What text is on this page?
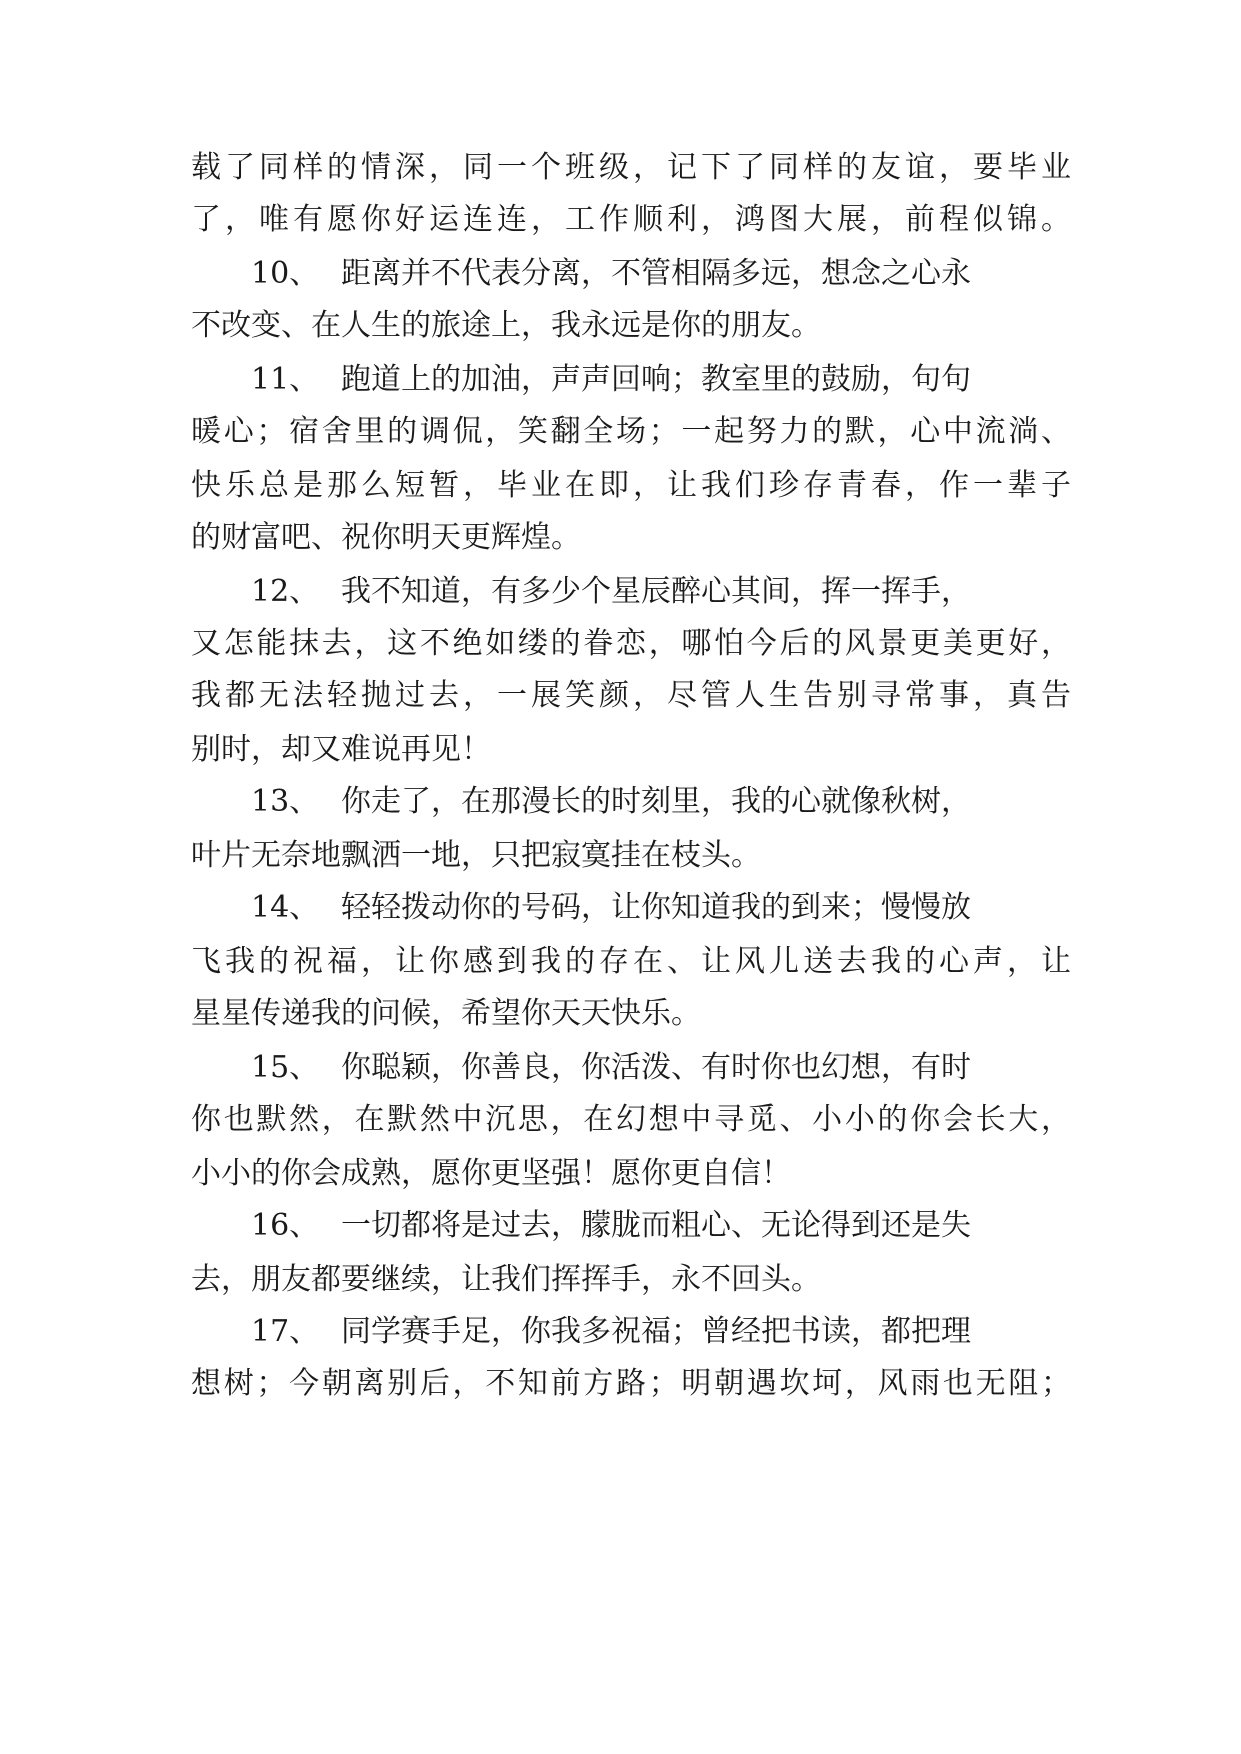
载了同样的情深，同一个班级，记下了同样的友谊，要毕业
了，唯有愿你好运连连，工作顺利，鸿图大展，前程似锦。
10、 距离并不代表分离，不管相隔多远，想念之心永
不改变、在人生的旅途上，我永远是你的朋友。
11、 跑道上的加油，声声回响；教室里的鼓励，句句
暖心；宿舍里的调侃，笑翻全场；一起努力的默，心中流淌、
快乐总是那么短暂，毕业在即，让我们珍存青春，作一辈子
的财富吧、祝你明天更辉煌。
12、 我不知道，有多少个星辰醉心其间，挥一挥手，
又怎能抹去，这不绝如缕的眷恋，哪怕今后的风景更美更好，
我都无法轻抛过去，一展笑颜，尽管人生告别寻常事，真告
别时，却又难说再见！
13、 你走了，在那漫长的时刻里，我的心就像秋树，
叶片无奈地飘洒一地，只把寂寞挂在枝头。
14、 轻轻拨动你的号码，让你知道我的到来；慢慢放
飞我的祝福，让你感到我的存在、让风儿送去我的心声，让
星星传递我的问候，希望你天天快乐。
15、 你聪颖，你善良，你活泼、有时你也幻想，有时
你也默然，在默然中沉思，在幻想中寻觅、小小的你会长大，
小小的你会成熟，愿你更坚强！愿你更自信！
16、 一切都将是过去，朦胧而粗心、无论得到还是失
去，朋友都要继续，让我们挥挥手，永不回头。
17、 同学赛手足，你我多祝福；曾经把书读，都把理
想树；今朝离别后，不知前方路；明朝遇坎坷，风雨也无阻；
